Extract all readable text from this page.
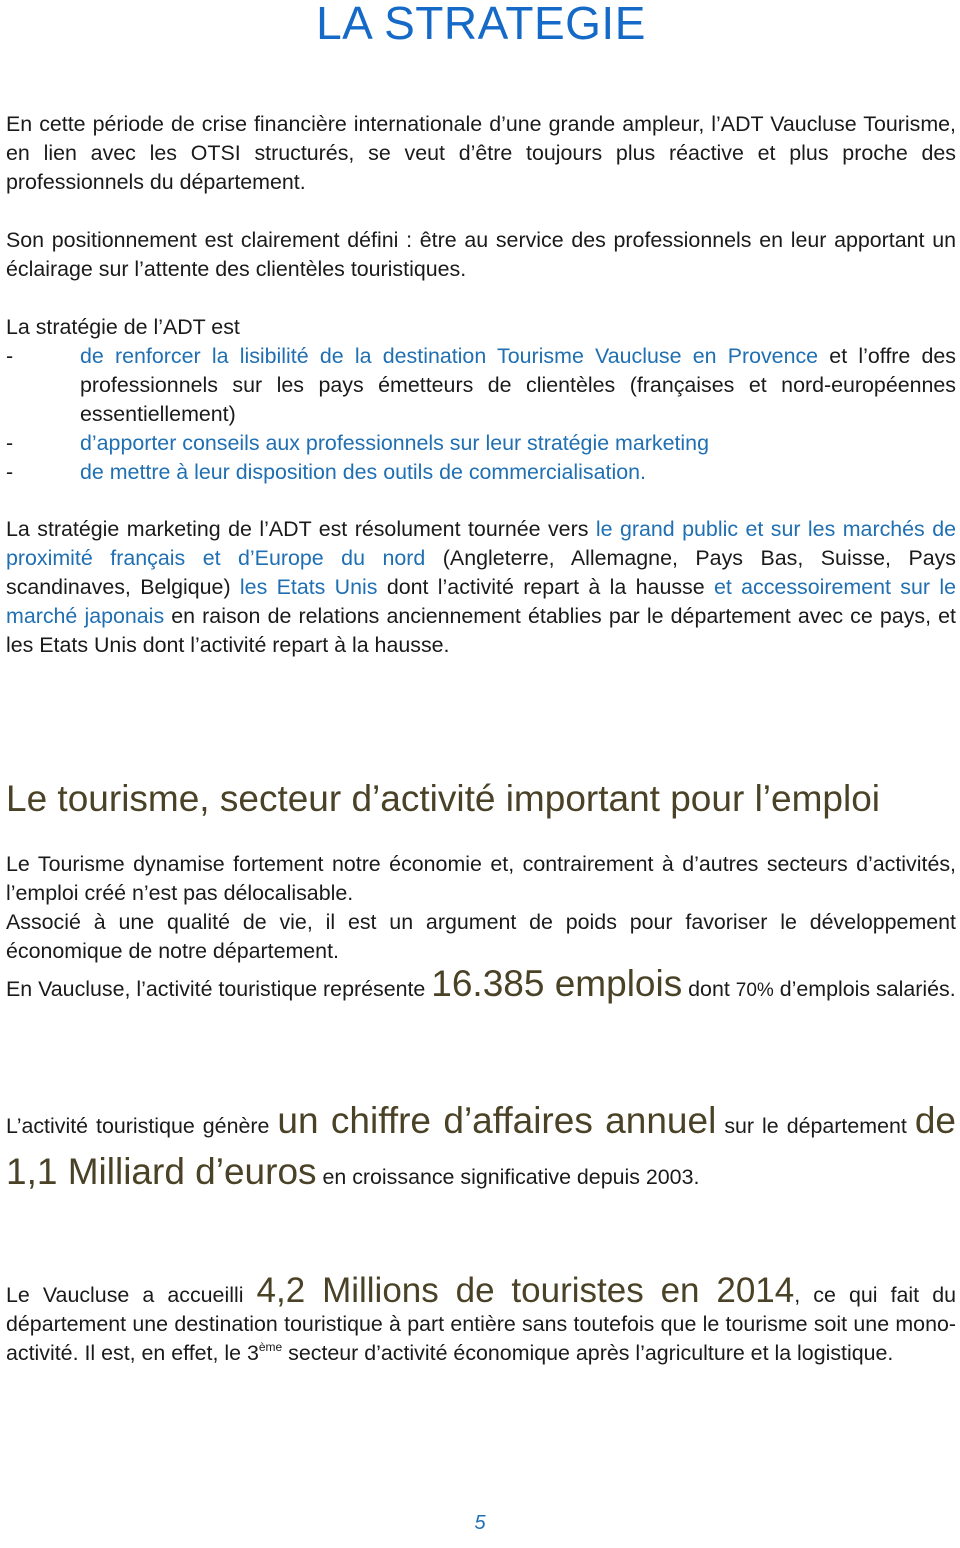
LA STRATEGIE

En cette période de crise financière internationale d’une grande ampleur, l’ADT Vaucluse Tourisme, en lien avec les OTSI structurés, se veut d’être toujours plus réactive et plus proche des professionnels du département.

Son positionnement est clairement défini : être au service des professionnels en leur apportant un éclairage sur l’attente des clientèles touristiques.

La stratégie de l’ADT est

-	de renforcer la lisibilité de la destination Tourisme Vaucluse en Provence et l’offre des professionnels sur les pays émetteurs de clientèles (françaises et nord-européennes essentiellement)
-	d’apporter conseils aux professionnels sur leur stratégie marketing
-	de mettre à leur disposition des outils de commercialisation.

La stratégie marketing de l’ADT est résolument tournée vers le grand public et sur les marchés de proximité français et d’Europe du nord (Angleterre, Allemagne, Pays Bas, Suisse, Pays scandinaves, Belgique) les Etats Unis dont l’activité repart à la hausse et accessoirement sur le marché japonais en raison de relations anciennement établies par le département avec ce pays, et les Etats Unis dont l’activité repart à la hausse.

Le tourisme, secteur d’activité important pour l’emploi

Le Tourisme dynamise fortement notre économie et, contrairement à d’autres secteurs d’activités, l’emploi créé n’est pas délocalisable.

Associé à une qualité de vie, il est un argument de poids pour favoriser le développement économique de notre département.

En Vaucluse, l’activité touristique représente 16.385 emplois dont 70% d’emplois salariés.

L’activité touristique génère un chiffre d’affaires annuel sur le département de 1,1 Milliard d’euros en croissance significative depuis 2003.

Le Vaucluse a accueilli 4,2 Millions de touristes en 2014, ce qui fait du département une destination touristique à part entière sans toutefois que le tourisme soit une mono-activité. Il est, en effet, le 3ème secteur d’activité économique après l’agriculture et la logistique.

5
